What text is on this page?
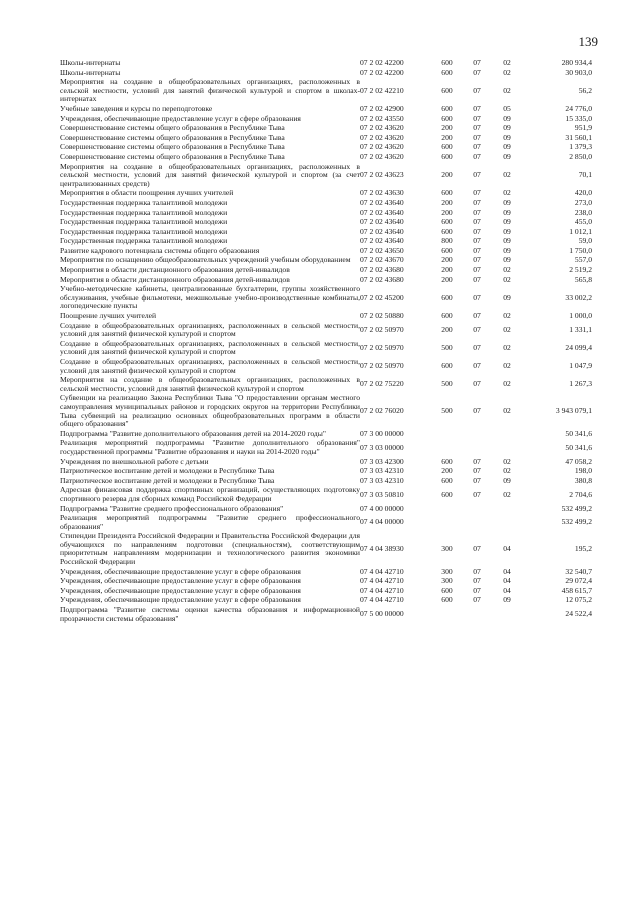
139
Школы-интернаты	07 2 02 42200	600	07	02	280 934,4
Школы-интернаты	07 2 02 42200	600	07	02	30 903,0
Мероприятия на создание в общеобразовательных организациях, расположенных в сельской местности, условий для занятий физической культурой и спортом в школах-интернатах	07 2 02 42210	600	07	02	56,2
Учебные заведения и курсы по переподготовке	07 2 02 42900	600	07	05	24 776,0
Учреждения, обеспечивающие предоставление услуг в сфере образования	07 2 02 43550	600	07	09	15 335,0
Совершенствование системы общего образования в Республике Тыва	07 2 02 43620	200	07	09	951,9
Совершенствование системы общего образования в Республике Тыва	07 2 02 43620	200	07	09	31 560,1
Совершенствование системы общего образования в Республике Тыва	07 2 02 43620	600	07	09	1 379,3
Совершенствование системы общего образования в Республике Тыва	07 2 02 43620	600	07	09	2 850,0
Мероприятия на создание в общеобразовательных организациях, расположенных в сельской местности, условий для занятий физической культурой и спортом (за счет централизованных средств)	07 2 02 43623	200	07	02	70,1
Мероприятия в области поощрения лучших учителей	07 2 02 43630	600	07	02	420,0
Государственная поддержка талантливой молодежи	07 2 02 43640	200	07	09	273,0
Государственная поддержка талантливой молодежи	07 2 02 43640	200	07	09	238,0
Государственная поддержка талантливой молодежи	07 2 02 43640	600	07	09	455,0
Государственная поддержка талантливой молодежи	07 2 02 43640	600	07	09	1 012,1
Государственная поддержка талантливой молодежи	07 2 02 43640	800	07	09	59,0
Развитие кадрового потенциала системы общего образования	07 2 02 43650	600	07	09	1 750,0
Мероприятия по оснащению общеобразовательных учреждений учебным оборудованием	07 2 02 43670	200	07	09	557,0
Мероприятия в области дистанционного образования детей-инвалидов	07 2 02 43680	200	07	02	2 519,2
Мероприятия в области дистанционного образования детей-инвалидов	07 2 02 43680	200	07	02	565,8
Учебно-методические кабинеты, централизованные бухгалтерии, группы хозяйственного обслуживания, учебные фильмотеки, межшкольные учебно-производственные комбинаты, логопедические пункты	07 2 02 45200	600	07	09	33 002,2
Поощрение лучших учителей	07 2 02 50880	600	07	02	1 000,0
Создание в общеобразовательных организациях, расположенных в сельской местности, условий для занятий физической культурой и спортом	07 2 02 50970	200	07	02	1 331,1
Создание в общеобразовательных организациях, расположенных в сельской местности, условий для занятий физической культурой и спортом	07 2 02 50970	500	07	02	24 099,4
Создание в общеобразовательных организациях, расположенных в сельской местности, условий для занятий физической культурой и спортом	07 2 02 50970	600	07	02	1 047,9
Мероприятия на создание в общеобразовательных организациях, расположенных в сельской местности, условий для занятий физической культурой и спортом	07 2 02 75220	500	07	02	1 267,3
Субвенции на реализацию Закона Республики Тыва "О предоставлении органам местного самоуправления муниципальных районов и городских округов на территории Республики Тыва субвенций на реализацию основных общеобразовательных программ в области общего образования"	07 2 02 76020	500	07	02	3 943 079,1
Подпрограмма "Развитие дополнительного образования детей на 2014-2020 годы"	07 3 00 00000				50 341,6
Реализация мероприятий подпрограммы "Развитие дополнительного образования" государственной программы "Развитие образования и науки на 2014-2020 годы"	07 3 03 00000				50 341,6
Учреждения по внешкольной работе с детьми	07 3 03 42300	600	07	02	47 058,2
Патриотическое воспитание детей и молодежи в Республике Тыва	07 3 03 42310	200	07	02	198,0
Патриотическое воспитание детей и молодежи в Республике Тыва	07 3 03 42310	600	07	09	380,8
Адресная финансовая поддержка спортивных организаций, осуществляющих подготовку спортивного резерва для сборных команд Российской Федерации	07 3 03 50810	600	07	02	2 704,6
Подпрограмма "Развитие среднего профессионального образования"	07 4 00 00000				532 499,2
Реализация мероприятий подпрограммы "Развитие среднего профессионального образования"	07 4 04 00000				532 499,2
Стипендии Президента Российской Федерации и Правительства Российской Федерации для обучающихся по направлениям подготовки (специальностям), соответствующим приоритетным направлениям модернизации и технологического развития экономики Российской Федерации	07 4 04 38930	300	07	04	195,2
Учреждения, обеспечивающие предоставление услуг в сфере образования	07 4 04 42710	300	07	04	32 540,7
Учреждения, обеспечивающие предоставление услуг в сфере образования	07 4 04 42710	300	07	04	29 072,4
Учреждения, обеспечивающие предоставление услуг в сфере образования	07 4 04 42710	600	07	04	458 615,7
Учреждения, обеспечивающие предоставление услуг в сфере образования	07 4 04 42710	600	07	09	12 075,2
Подпрограмма "Развитие системы оценки качества образования и информационной прозрачности системы образования"	07 5 00 00000				24 522,4
